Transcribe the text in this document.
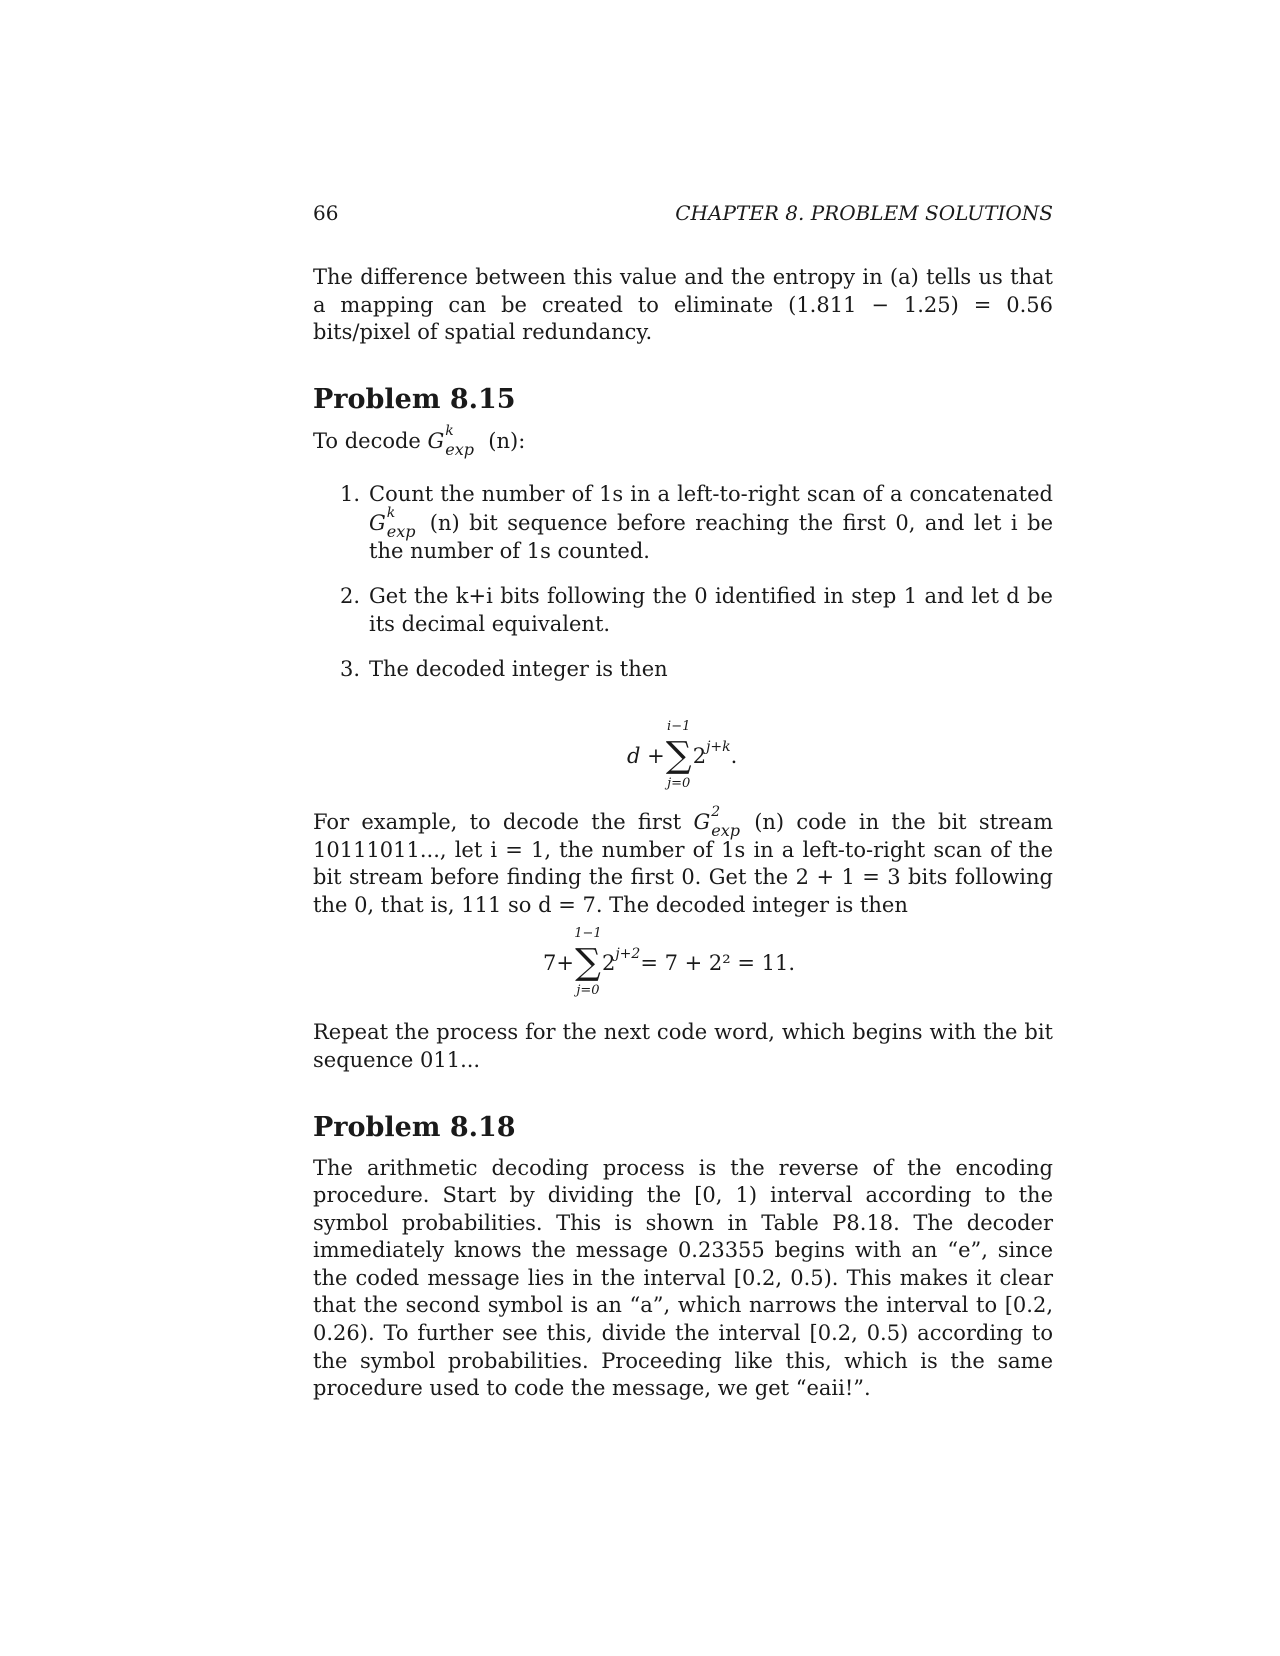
66	CHAPTER 8. PROBLEM SOLUTIONS

The difference between this value and the entropy in (a) tells us that a mapping can be created to eliminate (1.811 − 1.25) = 0.56 bits/pixel of spatial redundancy.

Problem 8.15

To decode G k
exp (n):

1. Count the number of 1s in a left-to-right scan of a concatenated G k
exp (n) bit sequence before reaching the first 0, and let i be the number of 1s counted.

2. Get the k+i bits following the 0 identified in step 1 and let d be its decimal equivalent.

3. The decoded integer is then

d + ∑
i−1
j=0
2 j+k .

For example, to decode the first G 2
exp (n) code in the bit stream 10111011..., let i = 1, the number of 1s in a left-to-right scan of the bit stream before finding the first 0. Get the 2 + 1 = 3 bits following the 0, that is, 111 so d = 7. The decoded integer is then

7+ ∑
1−1
j=0
2 j+2 = 7 + 2² = 11.

Repeat the process for the next code word, which begins with the bit sequence 011...

Problem 8.18

The arithmetic decoding process is the reverse of the encoding procedure. Start by dividing the [0, 1) interval according to the symbol probabilities. This is shown in Table P8.18. The decoder immediately knows the message 0.23355 begins with an “e”, since the coded message lies in the interval [0.2, 0.5). This makes it clear that the second symbol is an “a”, which narrows the interval to [0.2, 0.26). To further see this, divide the interval [0.2, 0.5) according to the symbol probabilities. Proceeding like this, which is the same procedure used to code the message, we get “eaii!”.
